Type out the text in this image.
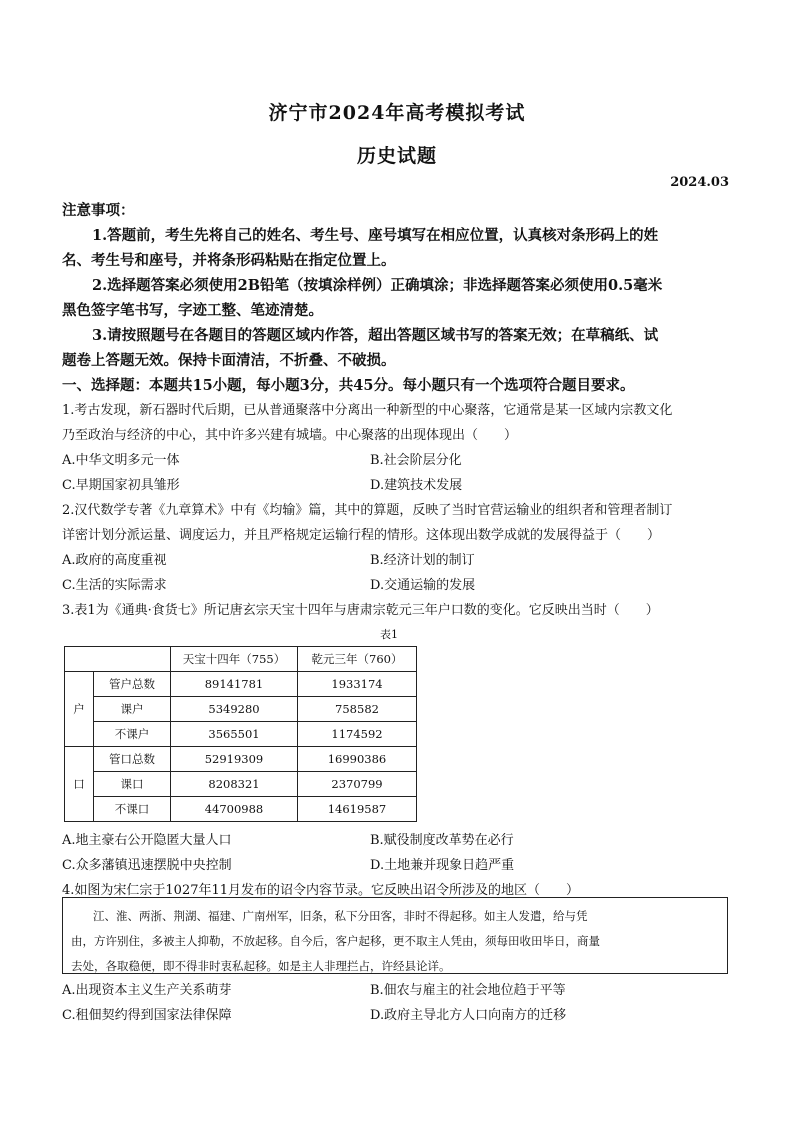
济宁市2024年高考模拟考试
历史试题
2024.03
注意事项：
1.答题前，考生先将自己的姓名、考生号、座号填写在相应位置，认真核对条形码上的姓
名、考生号和座号，并将条形码粘贴在指定位置上。
2.选择题答案必须使用2B铅笔（按填涂样例）正确填涂；非选择题答案必须使用0.5毫米
黑色签字笔书写，字迹工整、笔迹清楚。
3.请按照题号在各题目的答题区域内作答，超出答题区域书写的答案无效；在草稿纸、试
题卷上答题无效。保持卡面清洁，不折叠、不破损。
一、选择题：本题共15小题，每小题3分，共45分。每小题只有一个选项符合题目要求。
1.考古发现，新石器时代后期，已从普通聚落中分离出一种新型的中心聚落，它通常是某一区域内宗教文化
乃至政治与经济的中心，其中许多兴建有城墙。中心聚落的出现体现出（　　）
A.中华文明多元一体	B.社会阶层分化
C.早期国家初具雏形	D.建筑技术发展
2.汉代数学专著《九章算术》中有《均输》篇，其中的算题，反映了当时官营运输业的组织者和管理者制订
详密计划分派运量、调度运力，并且严格规定运输行程的情形。这体现出数学成就的发展得益于（　　）
A.政府的高度重视	B.经济计划的制订
C.生活的实际需求	D.交通运输的发展
3.表1为《通典·食货七》所记唐玄宗天宝十四年与唐肃宗乾元三年户口数的变化。它反映出当时（　　）
表1
		天宝十四年（755）	乾元三年（760）
户	管户总数	89141781	1933174
	课户	5349280	758582
	不课户	3565501	1174592
口	管口总数	52919309	16990386
	课口	8208321	2370799
	不课口	44700988	14619587
A.地主豪右公开隐匿大量人口	B.赋役制度改革势在必行
C.众多藩镇迅速摆脱中央控制	D.土地兼并现象日趋严重
4.如图为宋仁宗于1027年11月发布的诏令内容节录。它反映出诏令所涉及的地区（　　）
江、淮、两浙、荆湖、福建、广南州军，旧条，私下分田客，非时不得起移。如主人发遣，给与凭
由，方许别住，多被主人抑勒，不放起移。自今后，客户起移，更不取主人凭由，须每田收田毕日，商量
去处，各取稳便，即不得非时衷私起移。如是主人非理拦占，许经县论详。
A.出现资本主义生产关系萌芽	B.佃农与雇主的社会地位趋于平等
C.租佃契约得到国家法律保障	D.政府主导北方人口向南方的迁移
